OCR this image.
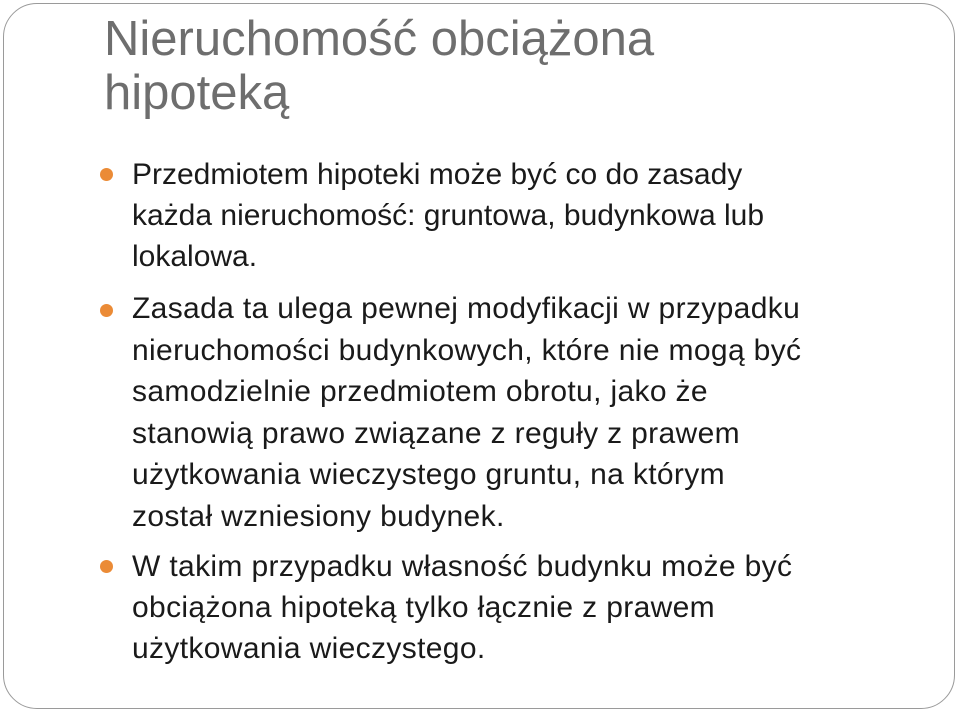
Nieruchomość obciążona
hipoteką
Przedmiotem hipoteki może być co do zasady
każda nieruchomość: gruntowa, budynkowa lub
lokalowa.
Zasada ta ulega pewnej modyfikacji w przypadku
nieruchomości budynkowych, które nie mogą być
samodzielnie przedmiotem obrotu, jako że
stanowią prawo związane z reguły z prawem
użytkowania wieczystego gruntu, na którym
został wzniesiony budynek.
W takim przypadku własność budynku może być
obciążona hipoteką tylko łącznie z prawem
użytkowania wieczystego.
